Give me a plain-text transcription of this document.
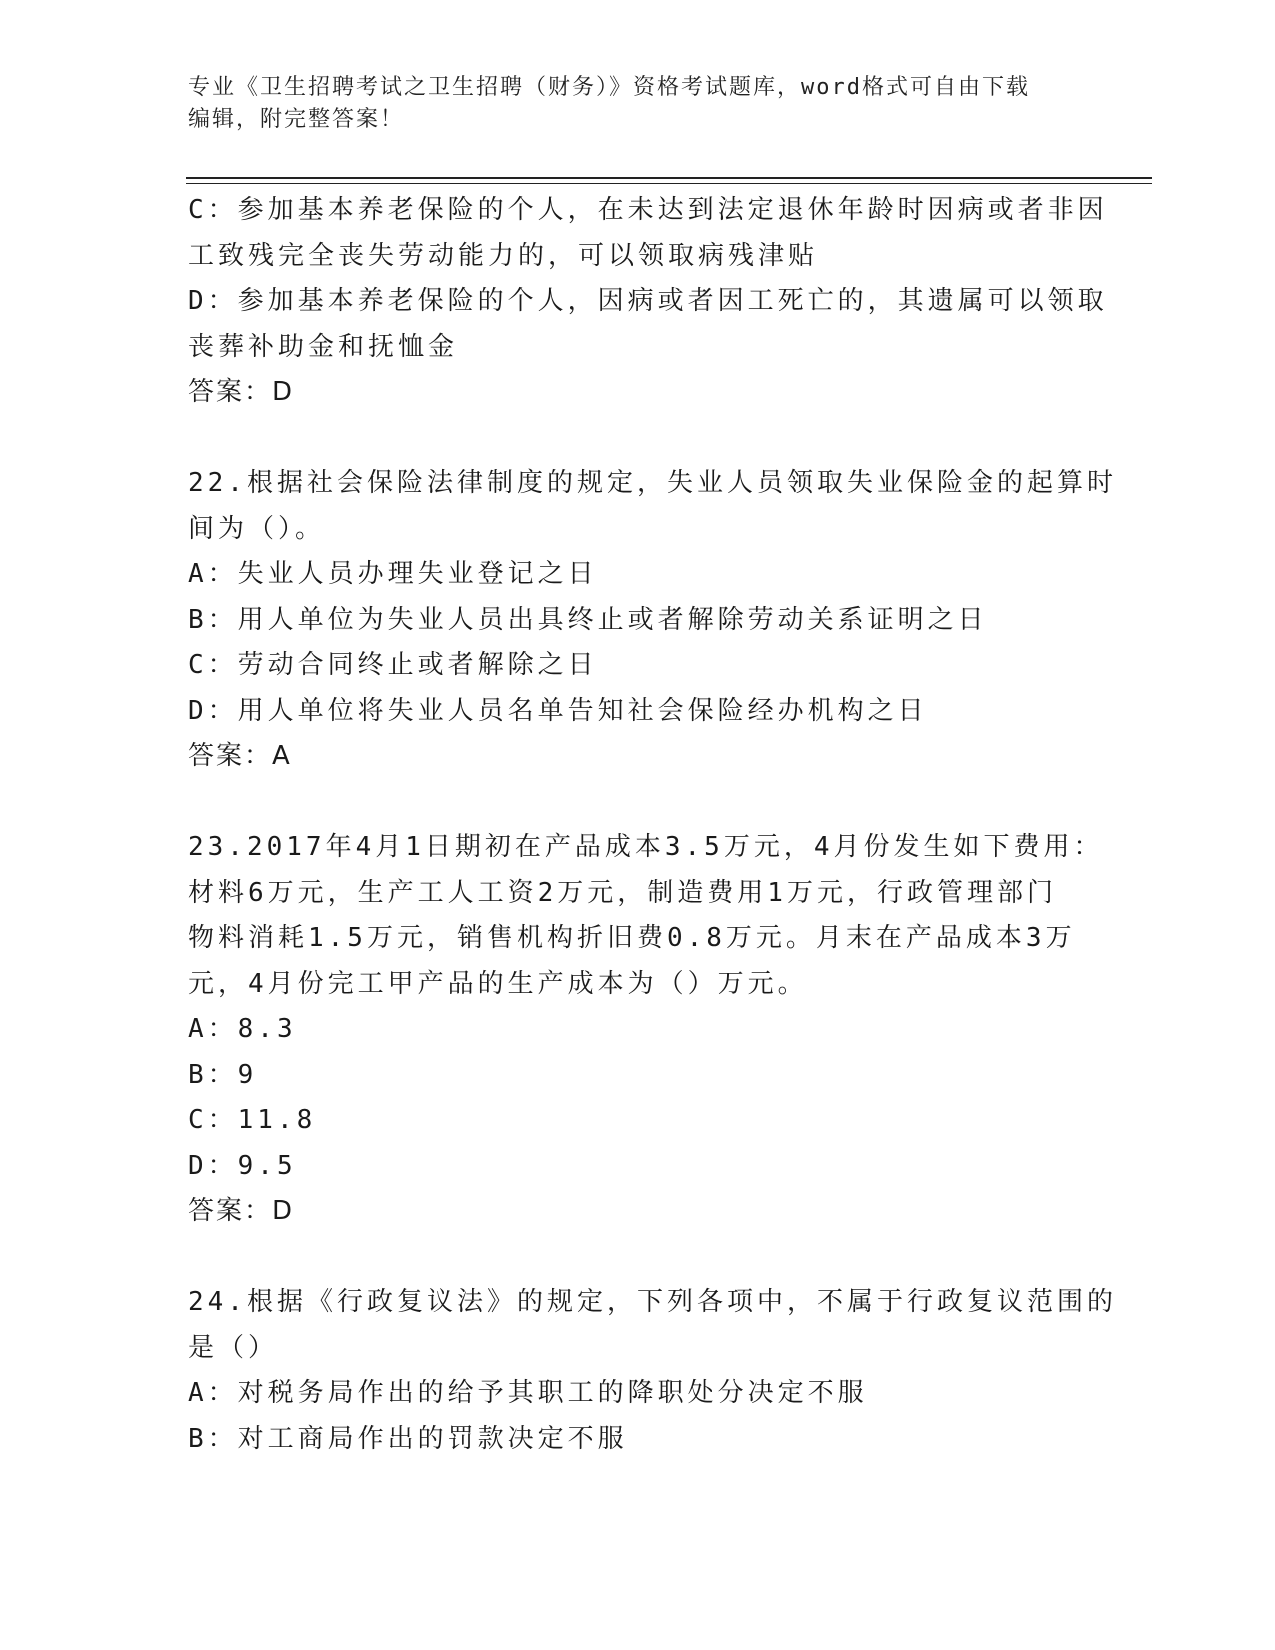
专业《卫生招聘考试之卫生招聘（财务）》资格考试题库，word格式可自由下载
编辑，附完整答案！
C：参加基本养老保险的个人，在未达到法定退休年龄时因病或者非因
工致残完全丧失劳动能力的，可以领取病残津贴
D：参加基本养老保险的个人，因病或者因工死亡的，其遗属可以领取
丧葬补助金和抚恤金
答案：D
22.根据社会保险法律制度的规定，失业人员领取失业保险金的起算时
间为（）。
A：失业人员办理失业登记之日
B：用人单位为失业人员出具终止或者解除劳动关系证明之日
C：劳动合同终止或者解除之日
D：用人单位将失业人员名单告知社会保险经办机构之日
答案：A
23.2017年4月1日期初在产品成本3.5万元，4月份发生如下费用：
材料6万元，生产工人工资2万元，制造费用1万元，行政管理部门
物料消耗1.5万元，销售机构折旧费0.8万元。月末在产品成本3万
元，4月份完工甲产品的生产成本为（）万元。
A：8.3
B：9
C：11.8
D：9.5
答案：D
24.根据《行政复议法》的规定，下列各项中，不属于行政复议范围的
是（）
A：对税务局作出的给予其职工的降职处分决定不服
B：对工商局作出的罚款决定不服
